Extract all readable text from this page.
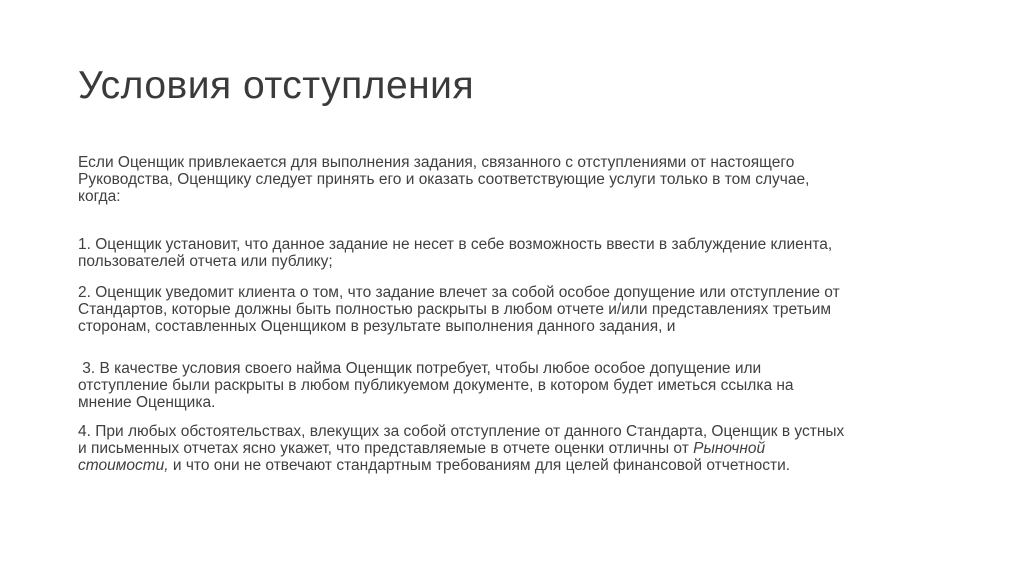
Условия отступления

Если Оценщик привлекается для выполнения задания, связанного с отступлениями от настоящего
Руководства, Оценщику следует принять его и оказать соответствующие услуги только в том случае,
когда:

1. Оценщик установит, что данное задание не несет в себе возможность ввести в заблуждение клиента,
пользователей отчета или публику;

2. Оценщик уведомит клиента о том, что задание влечет за собой особое допущение или отступление от
Стандартов, которые должны быть полностью раскрыты в любом отчете и/или представлениях третьим
сторонам, составленных Оценщиком в результате выполнения данного задания, и

3. В качестве условия своего найма Оценщик потребует, чтобы любое особое допущение или
отступление были раскрыты в любом публикуемом документе, в котором будет иметься ссылка на
мнение Оценщика.

4. При любых обстоятельствах, влекущих за собой отступление от данного Стандарта, Оценщик в устных
и письменных отчетах ясно укажет, что представляемые в отчете оценки отличны от Рыночной
стоимости, и что они не отвечают стандартным требованиям для целей финансовой отчетности.
